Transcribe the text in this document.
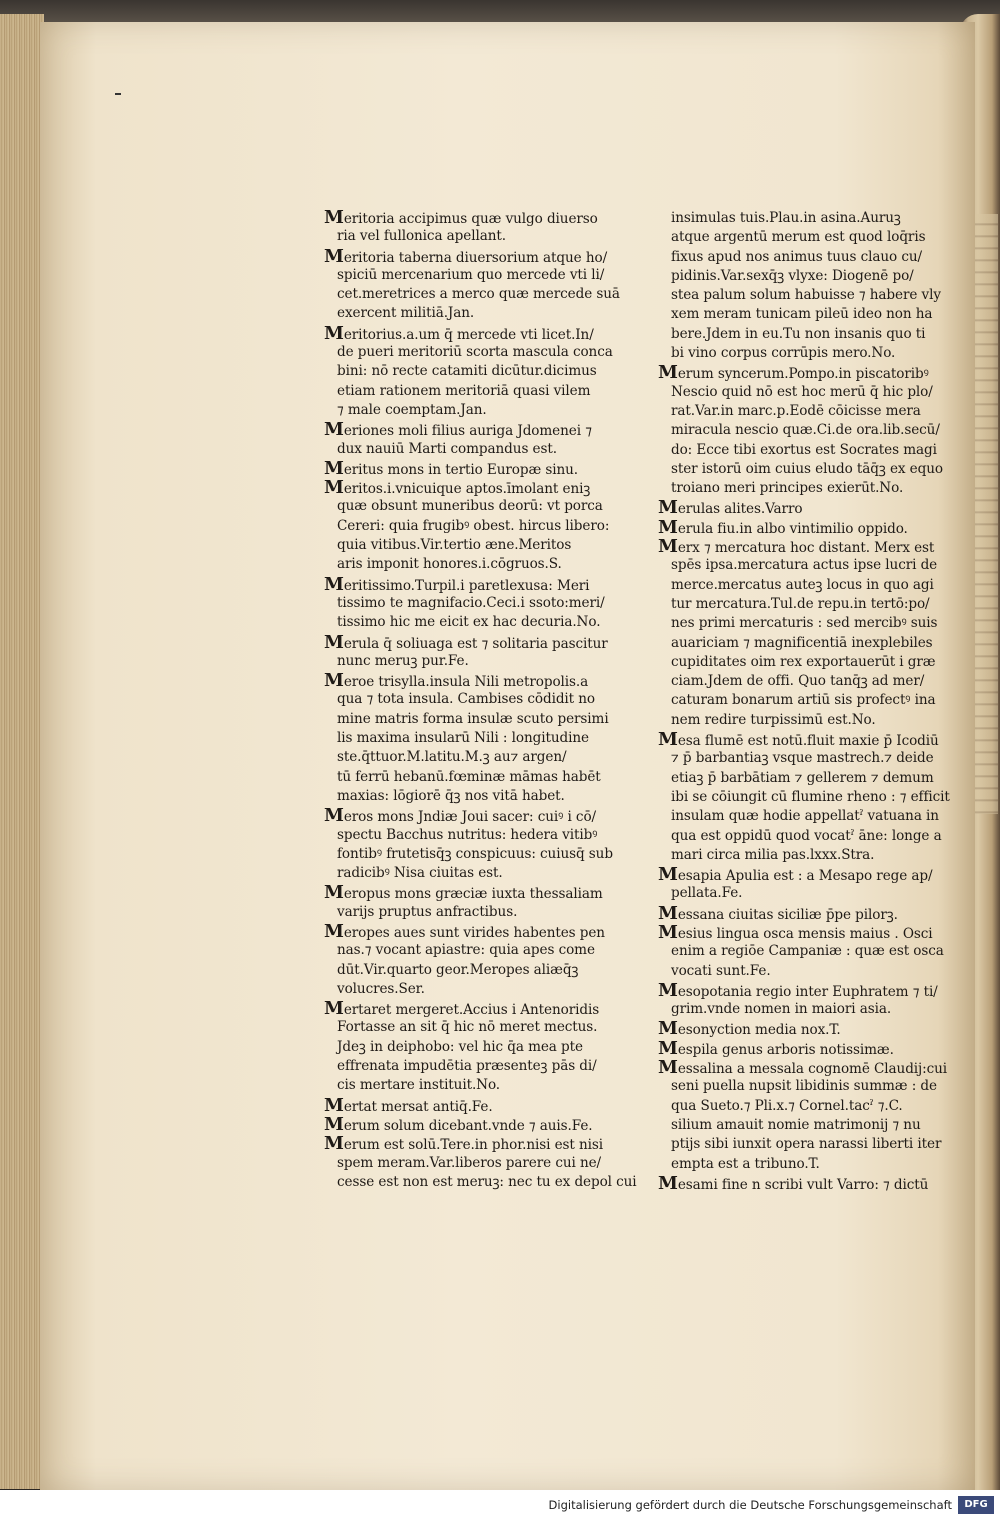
Meritoria accipimus quæ vulgo diuerso
ria vel fullonica apellant.
Meritoria taberna diuersorium atque ho/
spiciū mercenarium quo mercede vti li/
cet.meretrices a merco quæ mercede suā
exercent militiā.Jan.
Meritorius.a.um q̄ mercede vti licet.In/
de pueri meritoriū scorta mascula conca
bini: nō recte catamiti dicūtur.dicimus
etiam rationem meritoriā quasi vilem
⁊ male coemptam.Jan.
Meriones moli filius auriga Jdomenei ⁊
dux nauiū Marti compandus est.
Meritus mons in tertio Europæ sinu.
Meritos.i.vnicuique aptos.īmolant eniꝫ
quæ obsunt muneribus deorū: vt porca
Cereri: quia frugibꝰ obest. hircus libero:
quia vitibus.Vir.tertio æne.Meritos
aris imponit honores.i.cōgruos.S.
Meritissimo.Turpil.i paretlexusa: Meri
tissimo te magnifacio.Ceci.i ssoto:meri/
tissimo hic me eicit ex hac decuria.No.
Merula q̄ soliuaga est ⁊ solitaria pascitur
nunc meruꝫ pur.Fe.
Meroe trisylla.insula Nili metropolis.a
qua ⁊ tota insula. Cambises cōdidit no
mine matris forma insulæ scuto persimi
lis maxima insularū Nili : longitudine
ste.q̄ttuor.M.latitu.M.ꝫ au⁊ argen/
tū ferrū hebanū.fœminæ māmas habēt
maxias: lōgiorē q̄ꝫ nos vitā habet.
Meros mons Jndiæ Joui sacer: cuiꝰ i cō/
spectu Bacchus nutritus: hedera vitibꝰ
fontibꝰ frutetisq̄ꝫ conspicuus: cuiusq̄ sub
radicibꝰ Nisa ciuitas est.
Meropus mons græciæ iuxta thessaliam
varijs pruptus anfractibus.
Meropes aues sunt virides habentes pen
nas.⁊ vocant apiastre: quia apes come
dūt.Vir.quarto geor.Meropes aliæq̄ꝫ
volucres.Ser.
Mertaret mergeret.Accius i Antenoridis
Fortasse an sit q̄ hic nō meret mectus.
Jdeꝫ in deiphobo: vel hic q̄a mea pte
effrenata impudētia præsenteꝫ pās di/
cis mertare instituit.No.
Mertat mersat antiq̄.Fe.
Merum solum dicebant.vnde ⁊ auis.Fe.
Merum est solū.Tere.in phor.nisi est nisi
spem meram.Var.liberos parere cui ne/
cesse est non est meruꝫ: nec tu ex depol cui
insimulas tuis.Plau.in asina.Auruꝫ
atque argentū merum est quod loq̄ris
fixus apud nos animus tuus clauo cu/
pidinis.Var.sexq̄ꝫ vlyxe: Diogenē po/
stea palum solum habuisse ⁊ habere vly
xem meram tunicam pileū ideo non ha
bere.Jdem in eu.Tu non insanis quo ti
bi vino corpus corrūpis mero.No.
Merum syncerum.Pompo.in piscatoribꝰ
Nescio quid nō est hoc merū q̄ hic plo/
rat.Var.in marc.p.Eodē cōicisse mera
miracula nescio quæ.Ci.de ora.lib.secū/
do: Ecce tibi exortus est Socrates magi
ster istorū oim cuius eludo tāq̄ꝫ ex equo
troiano meri principes exierūt.No.
Merulas alites.Varro
Merula fiu.in albo vintimilio oppido.
Merx ⁊ mercatura hoc distant. Merx est
spēs ipsa.mercatura actus ipse lucri de
merce.mercatus auteꝫ locus in quo agi
tur mercatura.Tul.de repu.in tertō:po/
nes primi mercaturis : sed mercibꝰ suis
auariciam ⁊ magnificentiā inexplebiles
cupiditates oim rex exportauerūt i græ
ciam.Jdem de offi. Quo tanq̄ꝫ ad mer/
caturam bonarum artiū sis profectꝰ ina
nem redire turpissimū est.No.
Mesa flumē est notū.fluit maxie p̄ Icodiū
⁊ p̄ barbantiaꝫ vsque mastrech.⁊ deide
etiaꝫ p̄ barbātiam ⁊ gellerem ⁊ demum
ibi se cōiungit cū flumine rheno : ⁊ efficit
insulam quæ hodie appellatˀ vatuana in
qua est oppidū quod vocatˀ āne: longe a
mari circa milia pas.lxxx.Stra.
Mesapia Apulia est : a Mesapo rege ap/
pellata.Fe.
Messana ciuitas siciliæ p̄pe pilorꝫ.
Mesius lingua osca mensis maius . Osci
enim a regiōe Campaniæ : quæ est osca
vocati sunt.Fe.
Mesopotania regio inter Euphratem ⁊ ti/
grim.vnde nomen in maiori asia.
Mesonyction media nox.T.
Mespila genus arboris notissimæ.
Messalina a messala cognomē Claudij:cui
seni puella nupsit libidinis summæ : de
qua Sueto.⁊ Pli.x.⁊ Cornel.tacˀ ⁊.C.
silium amauit nomie matrimonij ⁊ nu
ptijs sibi iunxit opera narassi liberti iter
empta est a tribuno.T.
Mesami fine n scribi vult Varro: ⁊ dictū
Digitalisierung gefördert durch die Deutsche Forschungsgemeinschaft	DFG
